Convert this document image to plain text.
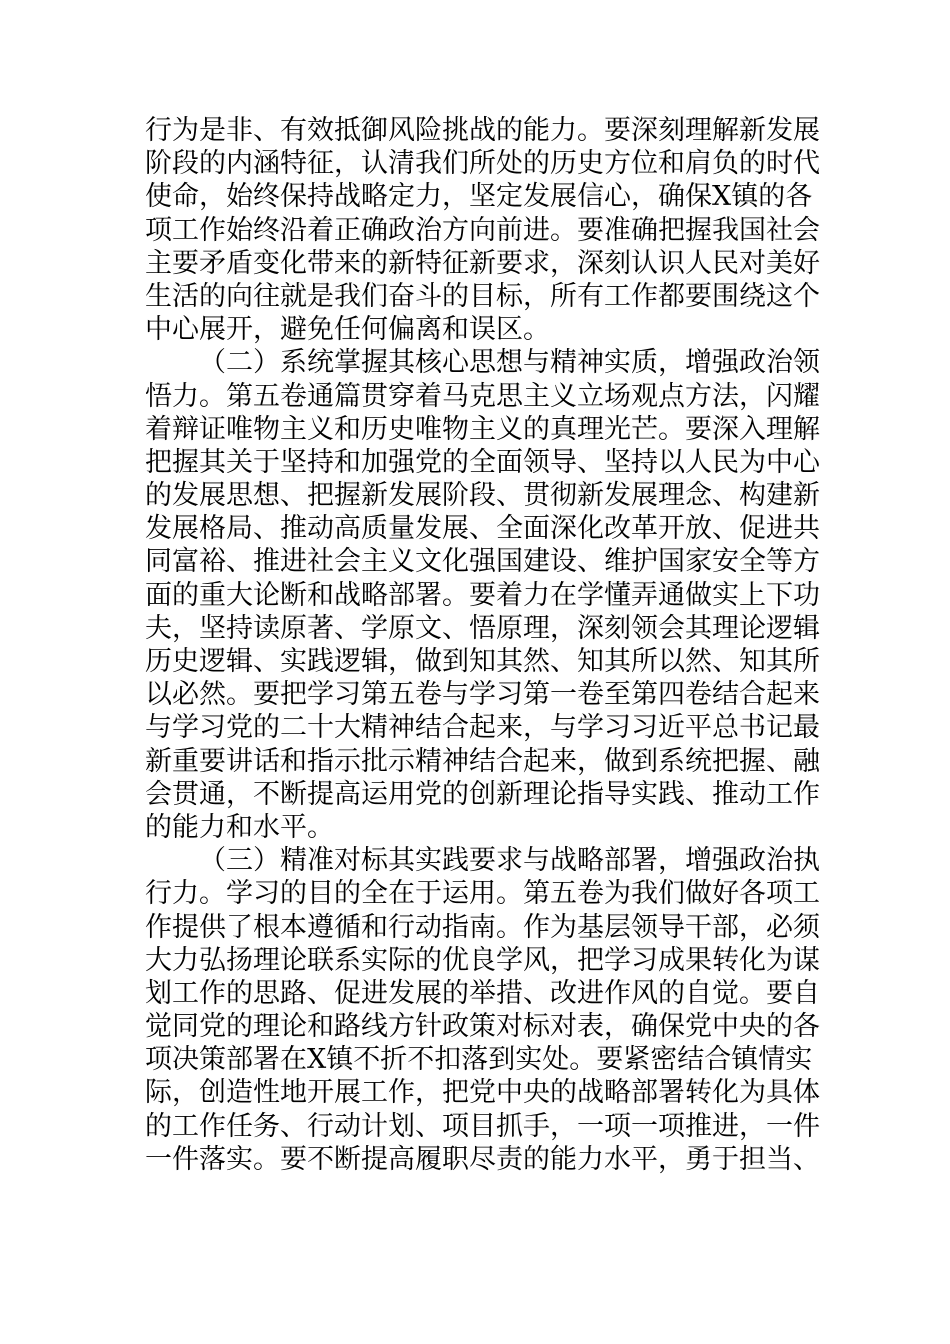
行为是非、有效抵御风险挑战的能力。要深刻理解新发展
阶段的内涵特征，认清我们所处的历史方位和肩负的时代
使命，始终保持战略定力，坚定发展信心，确保X镇的各
项工作始终沿着正确政治方向前进。要准确把握我国社会
主要矛盾变化带来的新特征新要求，深刻认识人民对美好
生活的向往就是我们奋斗的目标，所有工作都要围绕这个
中心展开，避免任何偏离和误区。
（二）系统掌握其核心思想与精神实质，增强政治领
悟力。第五卷通篇贯穿着马克思主义立场观点方法，闪耀
着辩证唯物主义和历史唯物主义的真理光芒。要深入理解
把握其关于坚持和加强党的全面领导、坚持以人民为中心
的发展思想、把握新发展阶段、贯彻新发展理念、构建新
发展格局、推动高质量发展、全面深化改革开放、促进共
同富裕、推进社会主义文化强国建设、维护国家安全等方
面的重大论断和战略部署。要着力在学懂弄通做实上下功
夫，坚持读原著、学原文、悟原理，深刻领会其理论逻辑
历史逻辑、实践逻辑，做到知其然、知其所以然、知其所
以必然。要把学习第五卷与学习第一卷至第四卷结合起来
与学习党的二十大精神结合起来，与学习习近平总书记最
新重要讲话和指示批示精神结合起来，做到系统把握、融
会贯通，不断提高运用党的创新理论指导实践、推动工作
的能力和水平。
（三）精准对标其实践要求与战略部署，增强政治执
行力。学习的目的全在于运用。第五卷为我们做好各项工
作提供了根本遵循和行动指南。作为基层领导干部，必须
大力弘扬理论联系实际的优良学风，把学习成果转化为谋
划工作的思路、促进发展的举措、改进作风的自觉。要自
觉同党的理论和路线方针政策对标对表，确保党中央的各
项决策部署在X镇不折不扣落到实处。要紧密结合镇情实
际，创造性地开展工作，把党中央的战略部署转化为具体
的工作任务、行动计划、项目抓手，一项一项推进，一件
一件落实。要不断提高履职尽责的能力水平，勇于担当、
